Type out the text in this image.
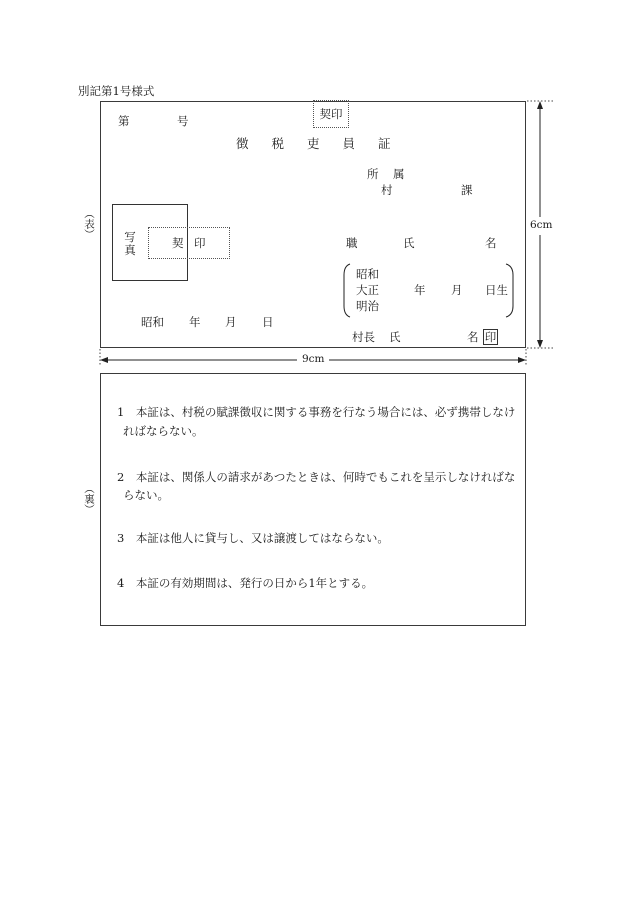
別記第1号様式
（表）
（裏）
6cm
9cm
第	号	契印
徴税吏員証
所属
村	課
写真	契印	職	氏	名
昭和
大正
明治
年 月 日生
昭和 年 月 日
村長 氏	名 印
1　本証は、村税の賦課徴収に関する事務を行なう場合には、必ず携帯しなけ
ればならない。
2　本証は、関係人の請求があつたときは、何時でもこれを呈示しなければな
らない。
3　本証は他人に貸与し、又は譲渡してはならない。
4　本証の有効期間は、発行の日から1年とする。
